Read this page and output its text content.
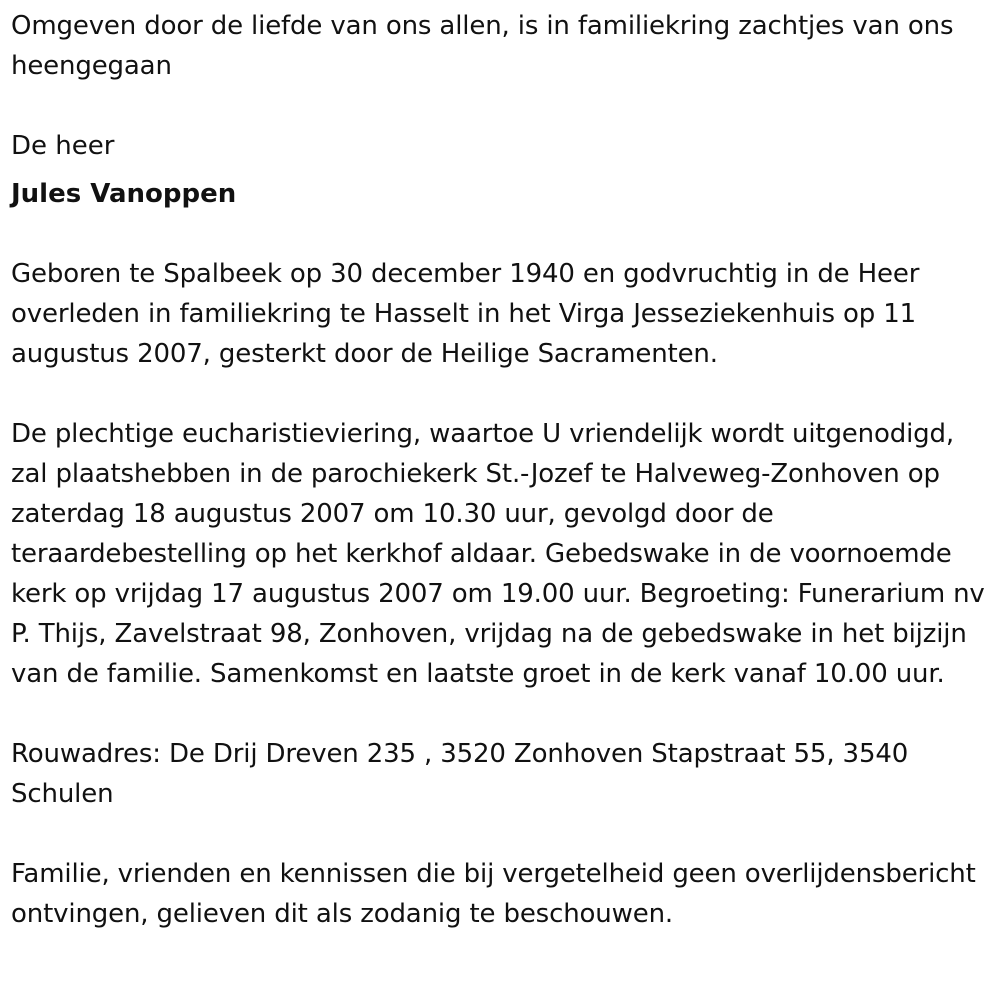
Omgeven door de liefde van ons allen, is in familiekring zachtjes van ons heengegaan

De heer

Jules Vanoppen

Geboren te Spalbeek op 30 december 1940 en godvruchtig in de Heer overleden in familiekring te Hasselt in het Virga Jesseziekenhuis op 11 augustus 2007, gesterkt door de Heilige Sacramenten.

De plechtige eucharistieviering, waartoe U vriendelijk wordt uitgenodigd, zal plaatshebben in de parochiekerk St.-Jozef te Halveweg-Zonhoven op zaterdag 18 augustus 2007 om 10.30 uur, gevolgd door de teraardebestelling op het kerkhof aldaar. Gebedswake in de voornoemde kerk op vrijdag 17 augustus 2007 om 19.00 uur. Begroeting: Funerarium nv P. Thijs, Zavelstraat 98, Zonhoven, vrijdag na de gebedswake in het bijzijn van de familie. Samenkomst en laatste groet in de kerk vanaf 10.00 uur.

Rouwadres: De Drij Dreven 235 , 3520 Zonhoven Stapstraat 55, 3540 Schulen

Familie, vrienden en kennissen die bij vergetelheid geen overlijdensbericht ontvingen, gelieven dit als zodanig te beschouwen.
